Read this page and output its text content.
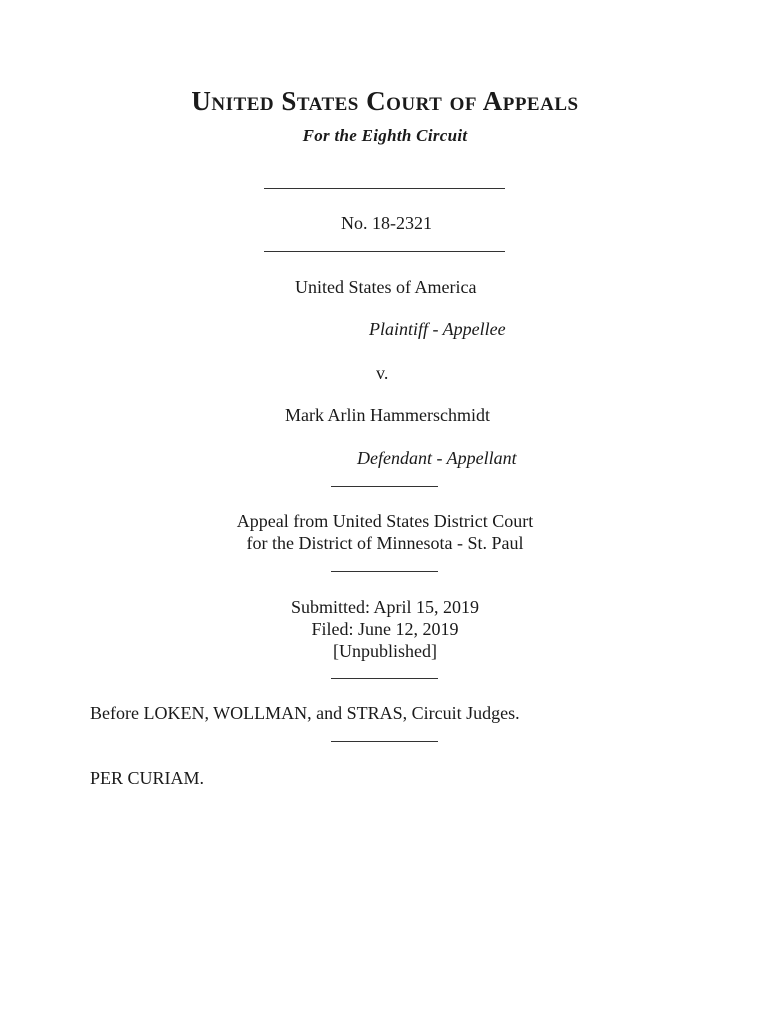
United States Court of Appeals
For the Eighth Circuit
No. 18-2321
United States of America
Plaintiff - Appellee
v.
Mark Arlin Hammerschmidt
Defendant - Appellant
Appeal from United States District Court
for the District of Minnesota - St. Paul
Submitted: April 15, 2019
Filed: June 12, 2019
[Unpublished]
Before LOKEN, WOLLMAN, and STRAS, Circuit Judges.
PER CURIAM.
